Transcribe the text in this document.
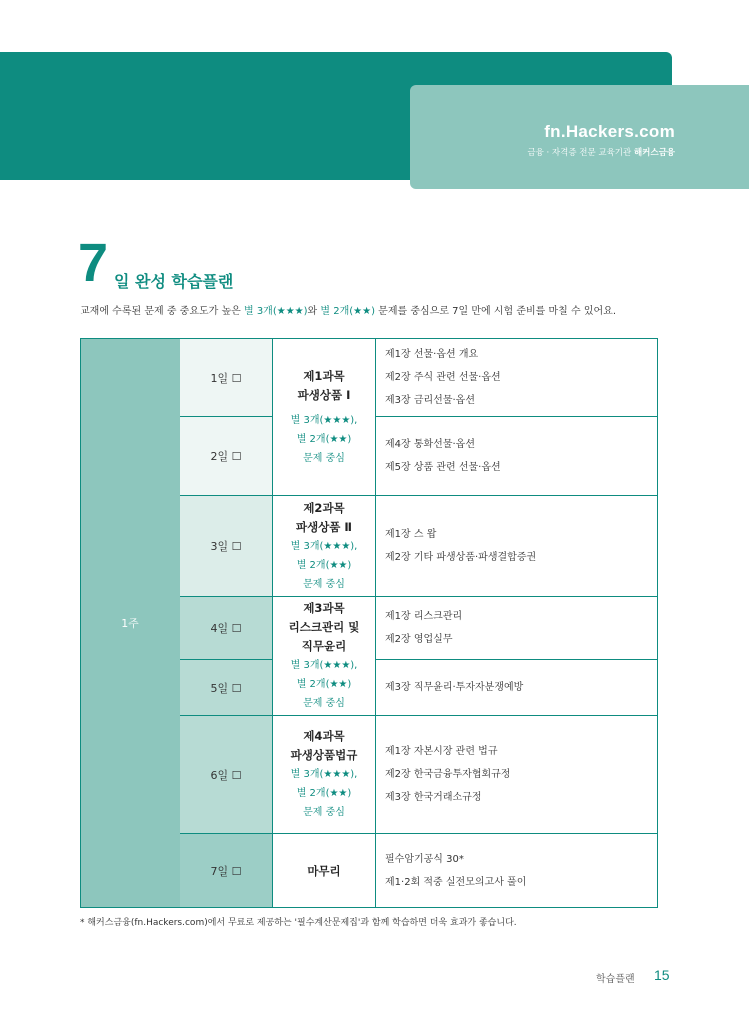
fn.Hackers.com
금융 · 자격증 전문 교육기관 해커스금융
7 일 완성 학습플랜
교재에 수록된 문제 중 중요도가 높은 별 3개(★★★)와 별 2개(★★) 문제를 중심으로 7일 만에 시험 준비를 마칠 수 있어요.
1주
1일 ☐
2일 ☐
3일 ☐
4일 ☐
5일 ☐
6일 ☐
7일 ☐
제1과목
파생상품 Ⅰ
별 3개(★★★),
별 2개(★★)
문제 중심
제2과목
파생상품 Ⅱ
별 3개(★★★),
별 2개(★★)
문제 중심
제3과목
리스크관리 및
직무윤리
별 3개(★★★),
별 2개(★★)
문제 중심
제4과목
파생상품법규
별 3개(★★★),
별 2개(★★)
문제 중심
마무리
제1장 선물·옵션 개요
제2장 주식 관련 선물·옵션
제3장 금리선물·옵션
제4장 통화선물·옵션
제5장 상품 관련 선물·옵션
제1장 스 왑
제2장 기타 파생상품·파생결합증권
제1장 리스크관리
제2장 영업실무
제3장 직무윤리·투자자분쟁예방
제1장 자본시장 관련 법규
제2장 한국금융투자협회규정
제3장 한국거래소규정
필수암기공식 30*
제1·2회 적중 실전모의고사 풀이
* 해커스금융(fn.Hackers.com)에서 무료로 제공하는 '필수계산문제집'과 함께 학습하면 더욱 효과가 좋습니다.
학습플랜 15
